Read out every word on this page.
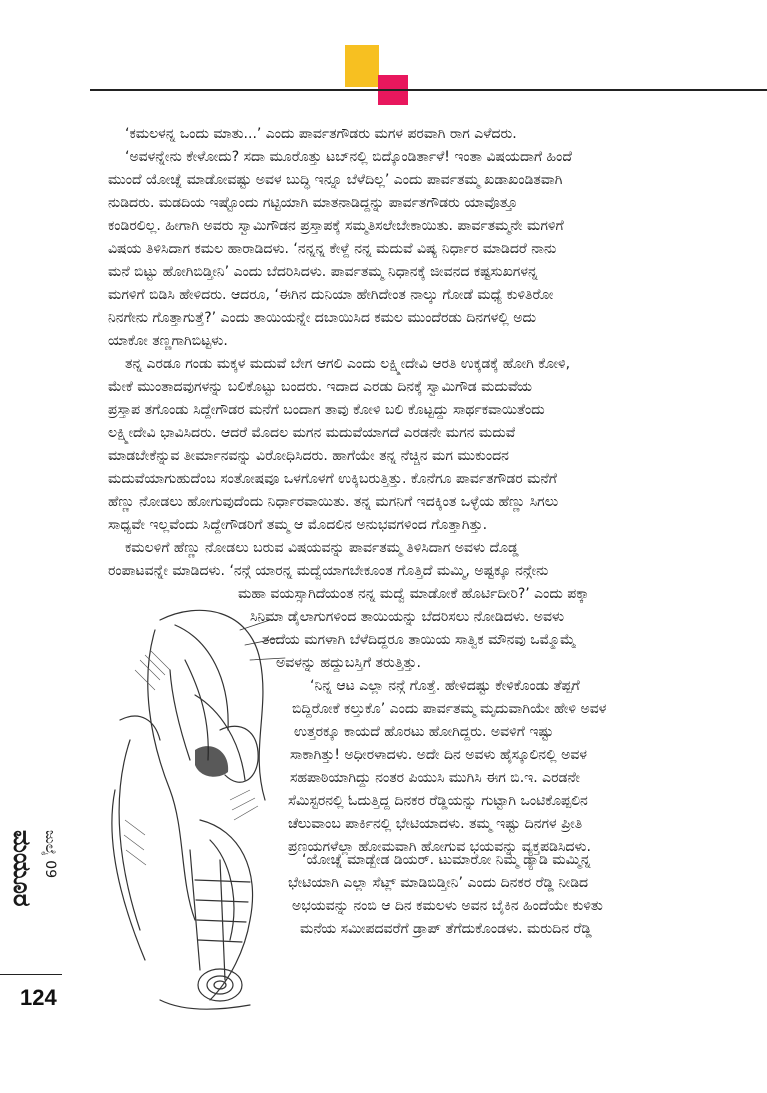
ಜುಲೈ 09
ಮಯೂರ
124
‘ಕಮಲಳನ್ನ ಒಂದು ಮಾತು...’ ಎಂದು ಪಾರ್ವತಗೌಡರು ಮಗಳ ಪರವಾಗಿ ರಾಗ ಎಳೆದರು.
‘ಅವಳನ್ನೇನು ಕೇಳೋದು? ಸದಾ ಮೂರೊತ್ತು ಟಬ್‌ನಲ್ಲಿ ಬಿದ್ಕೊಂಡಿರ್ತಾಳೆ! ಇಂತಾ ವಿಷಯದಾಗೆ ಹಿಂದೆ
ಮುಂದೆ ಯೋಚ್ನೆ ಮಾಡೋವಷ್ಟು ಅವಳ ಬುದ್ಧಿ ಇನ್ನೂ ಬೆಳೆದಿಲ್ಲ’ ಎಂದು ಪಾರ್ವತಮ್ಮ ಖಡಾಖಂಡಿತವಾಗಿ
ನುಡಿದರು. ಮಡದಿಯ ಇಷ್ಟೊಂದು ಗಟ್ಟಿಯಾಗಿ ಮಾತನಾಡಿದ್ದನ್ನು ಪಾರ್ವತಗೌಡರು ಯಾವೊತ್ತೂ
ಕಂಡಿರಲಿಲ್ಲ. ಹೀಗಾಗಿ ಅವರು ಸ್ವಾಮಿಗೌಡನ ಪ್ರಸ್ತಾಪಕ್ಕೆ ಸಮ್ಮತಿಸಲೇಬೇಕಾಯಿತು. ಪಾರ್ವತಮ್ಮನೇ ಮಗಳಿಗೆ
ವಿಷಯ ತಿಳಿಸಿದಾಗ ಕಮಲ ಹಾರಾಡಿದಳು. ‘ನನ್ನನ್ನ ಕೇಳ್ದೆ ನನ್ನ ಮದುವೆ ವಿಷ್ಯ ನಿರ್ಧಾರ ಮಾಡಿದರೆ ನಾನು
ಮನೆ ಬಿಟ್ಟು ಹೋಗಿಬಿಡ್ತೀನಿ’ ಎಂದು ಬೆದರಿಸಿದಳು. ಪಾರ್ವತಮ್ಮ ನಿಧಾನಕ್ಕೆ ಜೀವನದ ಕಷ್ಟಸುಖಗಳನ್ನ
ಮಗಳಿಗೆ ಬಿಡಿಸಿ ಹೇಳಿದರು. ಆದರೂ, ‘ಈಗಿನ ದುನಿಯಾ ಹೇಗಿದೇಂತ ನಾಲ್ಕು ಗೋಡೆ ಮಧ್ಯೆ ಕುಳಿತಿರೋ
ನಿನಗೇನು ಗೊತ್ತಾಗುತ್ತೆ?’ ಎಂದು ತಾಯಿಯನ್ನೇ ದಬಾಯಿಸಿದ ಕಮಲ ಮುಂದೆರಡು ದಿನಗಳಲ್ಲಿ ಅದು
ಯಾಕೋ ತಣ್ಣಗಾಗಿಬಿಟ್ಟಳು.
ತನ್ನ ಎರಡೂ ಗಂಡು ಮಕ್ಕಳ ಮದುವೆ ಬೇಗ ಆಗಲಿ ಎಂದು ಲಕ್ಷ್ಮೀದೇವಿ ಆರತಿ ಉಕ್ಕಡಕ್ಕೆ ಹೋಗಿ ಕೋಳಿ,
ಮೇಕೆ ಮುಂತಾದವುಗಳನ್ನು ಬಲಿಕೊಟ್ಟು ಬಂದರು. ಇದಾದ ಎರಡು ದಿನಕ್ಕೆ ಸ್ವಾಮಿಗೌಡ ಮದುವೆಯ
ಪ್ರಸ್ತಾಪ ತಗೊಂಡು ಸಿದ್ದೇಗೌಡರ ಮನೆಗೆ ಬಂದಾಗ ತಾವು ಕೋಳಿ ಬಲಿ ಕೊಟ್ಟದ್ದು ಸಾರ್ಥಕವಾಯಿತೆಂದು
ಲಕ್ಷ್ಮೀದೇವಿ ಭಾವಿಸಿದರು. ಆದರೆ ಮೊದಲ ಮಗನ ಮದುವೆಯಾಗದೆ ಎರಡನೇ ಮಗನ ಮದುವೆ
ಮಾಡಬೇಕೆನ್ನುವ ತೀರ್ಮಾನವನ್ನು ವಿರೋಧಿಸಿದರು. ಹಾಗೆಯೇ ತನ್ನ ನೆಚ್ಚಿನ ಮಗ ಮುಕುಂದನ
ಮದುವೆಯಾಗುಹುದೆಂಬ ಸಂತೋಷವೂ ಒಳಗೊಳಗೆ ಉಕ್ಕಿಬರುತ್ತಿತ್ತು. ಕೊನೆಗೂ ಪಾರ್ವತಗೌಡರ ಮನೆಗೆ
ಹೆಣ್ಣು ನೋಡಲು ಹೋಗುವುದೆಂದು ನಿರ್ಧಾರವಾಯಿತು. ತನ್ನ ಮಗನಿಗೆ ಇದಕ್ಕಿಂತ ಒಳ್ಳೆಯ ಹೆಣ್ಣು ಸಿಗಲು
ಸಾಧ್ಯವೇ ಇಲ್ಲವೆಂದು ಸಿದ್ದೇಗೌಡರಿಗೆ ತಮ್ಮ ಆ ಮೊದಲಿನ ಅನುಭವಗಳಿಂದ ಗೊತ್ತಾಗಿತ್ತು.
ಕಮಲಳಿಗೆ ಹೆಣ್ಣು ನೋಡಲು ಬರುವ ವಿಷಯವನ್ನು ಪಾರ್ವತಮ್ಮ ತಿಳಿಸಿದಾಗ ಅವಳು ದೊಡ್ಡ
ರಂಪಾಟವನ್ನೇ ಮಾಡಿದಳು. ‘ನನ್ಗೆ ಯಾರನ್ನ ಮದ್ವೆಯಾಗಬೇಕೂಂತ ಗೊತ್ತಿದೆ ಮಮ್ಮಿ, ಅಷ್ಟಕ್ಕೂ ನನ್ಗೇನು
ಮಹಾ ವಯಸ್ಸಾಗಿದೆಯಂತ ನನ್ನ ಮದ್ವೆ ಮಾಡೋಕೆ ಹೊರ್ಟಿದೀರಿ?’ ಎಂದು ಪಕ್ಕಾ
ಸಿನಿಮಾ ಡೈಲಾಗುಗಳಿಂದ ತಾಯಿಯನ್ನು ಬೆದರಿಸಲು ನೋಡಿದಳು. ಅವಳು
ತಂದೆಯ ಮಗಳಾಗಿ ಬೆಳೆದಿದ್ದರೂ ತಾಯಿಯ ಸಾತ್ವಿಕ ಮೌನವು ಒಮ್ಮೊಮ್ಮೆ
ಅವಳನ್ನು ಹದ್ದುಬಸ್ತಿಗೆ ತರುತ್ತಿತ್ತು.
‘ನಿನ್ನ ಆಟ ಎಲ್ಲಾ ನನ್ಗೆ ಗೊತ್ತೆ. ಹೇಳಿದಷ್ಟು ಕೇಳಿಕೊಂಡು ತೆಪ್ಪಗೆ
ಬಿದ್ದಿರೋಕೆ ಕಲ್ತುಕೊ’ ಎಂದು ಪಾರ್ವತಮ್ಮ ಮೃದುವಾಗಿಯೇ ಹೇಳಿ ಅವಳ
ಉತ್ತರಕ್ಕೂ ಕಾಯದೆ ಹೊರಟು ಹೋಗಿದ್ದರು. ಅವಳಿಗೆ ಇಷ್ಟು
ಸಾಕಾಗಿತ್ತು! ಅಧೀರಳಾದಳು. ಅದೇ ದಿನ ಅವಳು ಹೈಸ್ಕೂಲಿನಲ್ಲಿ ಅವಳ
ಸಹಪಾಠಿಯಾಗಿದ್ದು ನಂತರ ಪಿಯುಸಿ ಮುಗಿಸಿ ಈಗ ಬಿ.ಇ. ಎರಡನೇ
ಸೆಮಿಸ್ಟರನಲ್ಲಿ ಓದುತ್ತಿದ್ದ ದಿನಕರ ರೆಡ್ಡಿಯನ್ನು ಗುಟ್ಟಾಗಿ ಒಂಟಿಕೊಪ್ಪಲಿನ
ಚೆಲುವಾಂಬ ಪಾರ್ಕಿನಲ್ಲಿ ಭೇಟಿಯಾದಳು. ತಮ್ಮ ಇಷ್ಟು ದಿನಗಳ ಪ್ರೀತಿ
ಪ್ರಣಯಗಳೆಲ್ಲಾ ಹೋಮವಾಗಿ ಹೋಗುವ ಭಯವನ್ನು ವ್ಯಕ್ತಪಡಿಸಿದಳು.
‘ಯೋಚ್ನೆ ಮಾಡ್ಬೇಡ ಡಿಯರ್. ಟುಮಾರೋ ನಿಮ್ಮ ಡ್ಯಾಡಿ ಮಮ್ಮಿನ್ನ
ಭೇಟಿಯಾಗಿ ಎಲ್ಲಾ ಸೆಟ್ಲ್ ಮಾಡಿಬಿಡ್ತೀನಿ’ ಎಂದು ದಿನಕರ ರೆಡ್ಡಿ ನೀಡಿದ
ಅಭಯವನ್ನು ನಂಬಿ ಆ ದಿನ ಕಮಲಳು ಅವನ ಬೈಕಿನ ಹಿಂದೆಯೇ ಕುಳಿತು
ಮನೆಯ ಸಮೀಪದವರೆಗೆ ಡ್ರಾಪ್ ತೆಗೆದುಕೊಂಡಳು. ಮರುದಿನ ರೆಡ್ಡಿ
